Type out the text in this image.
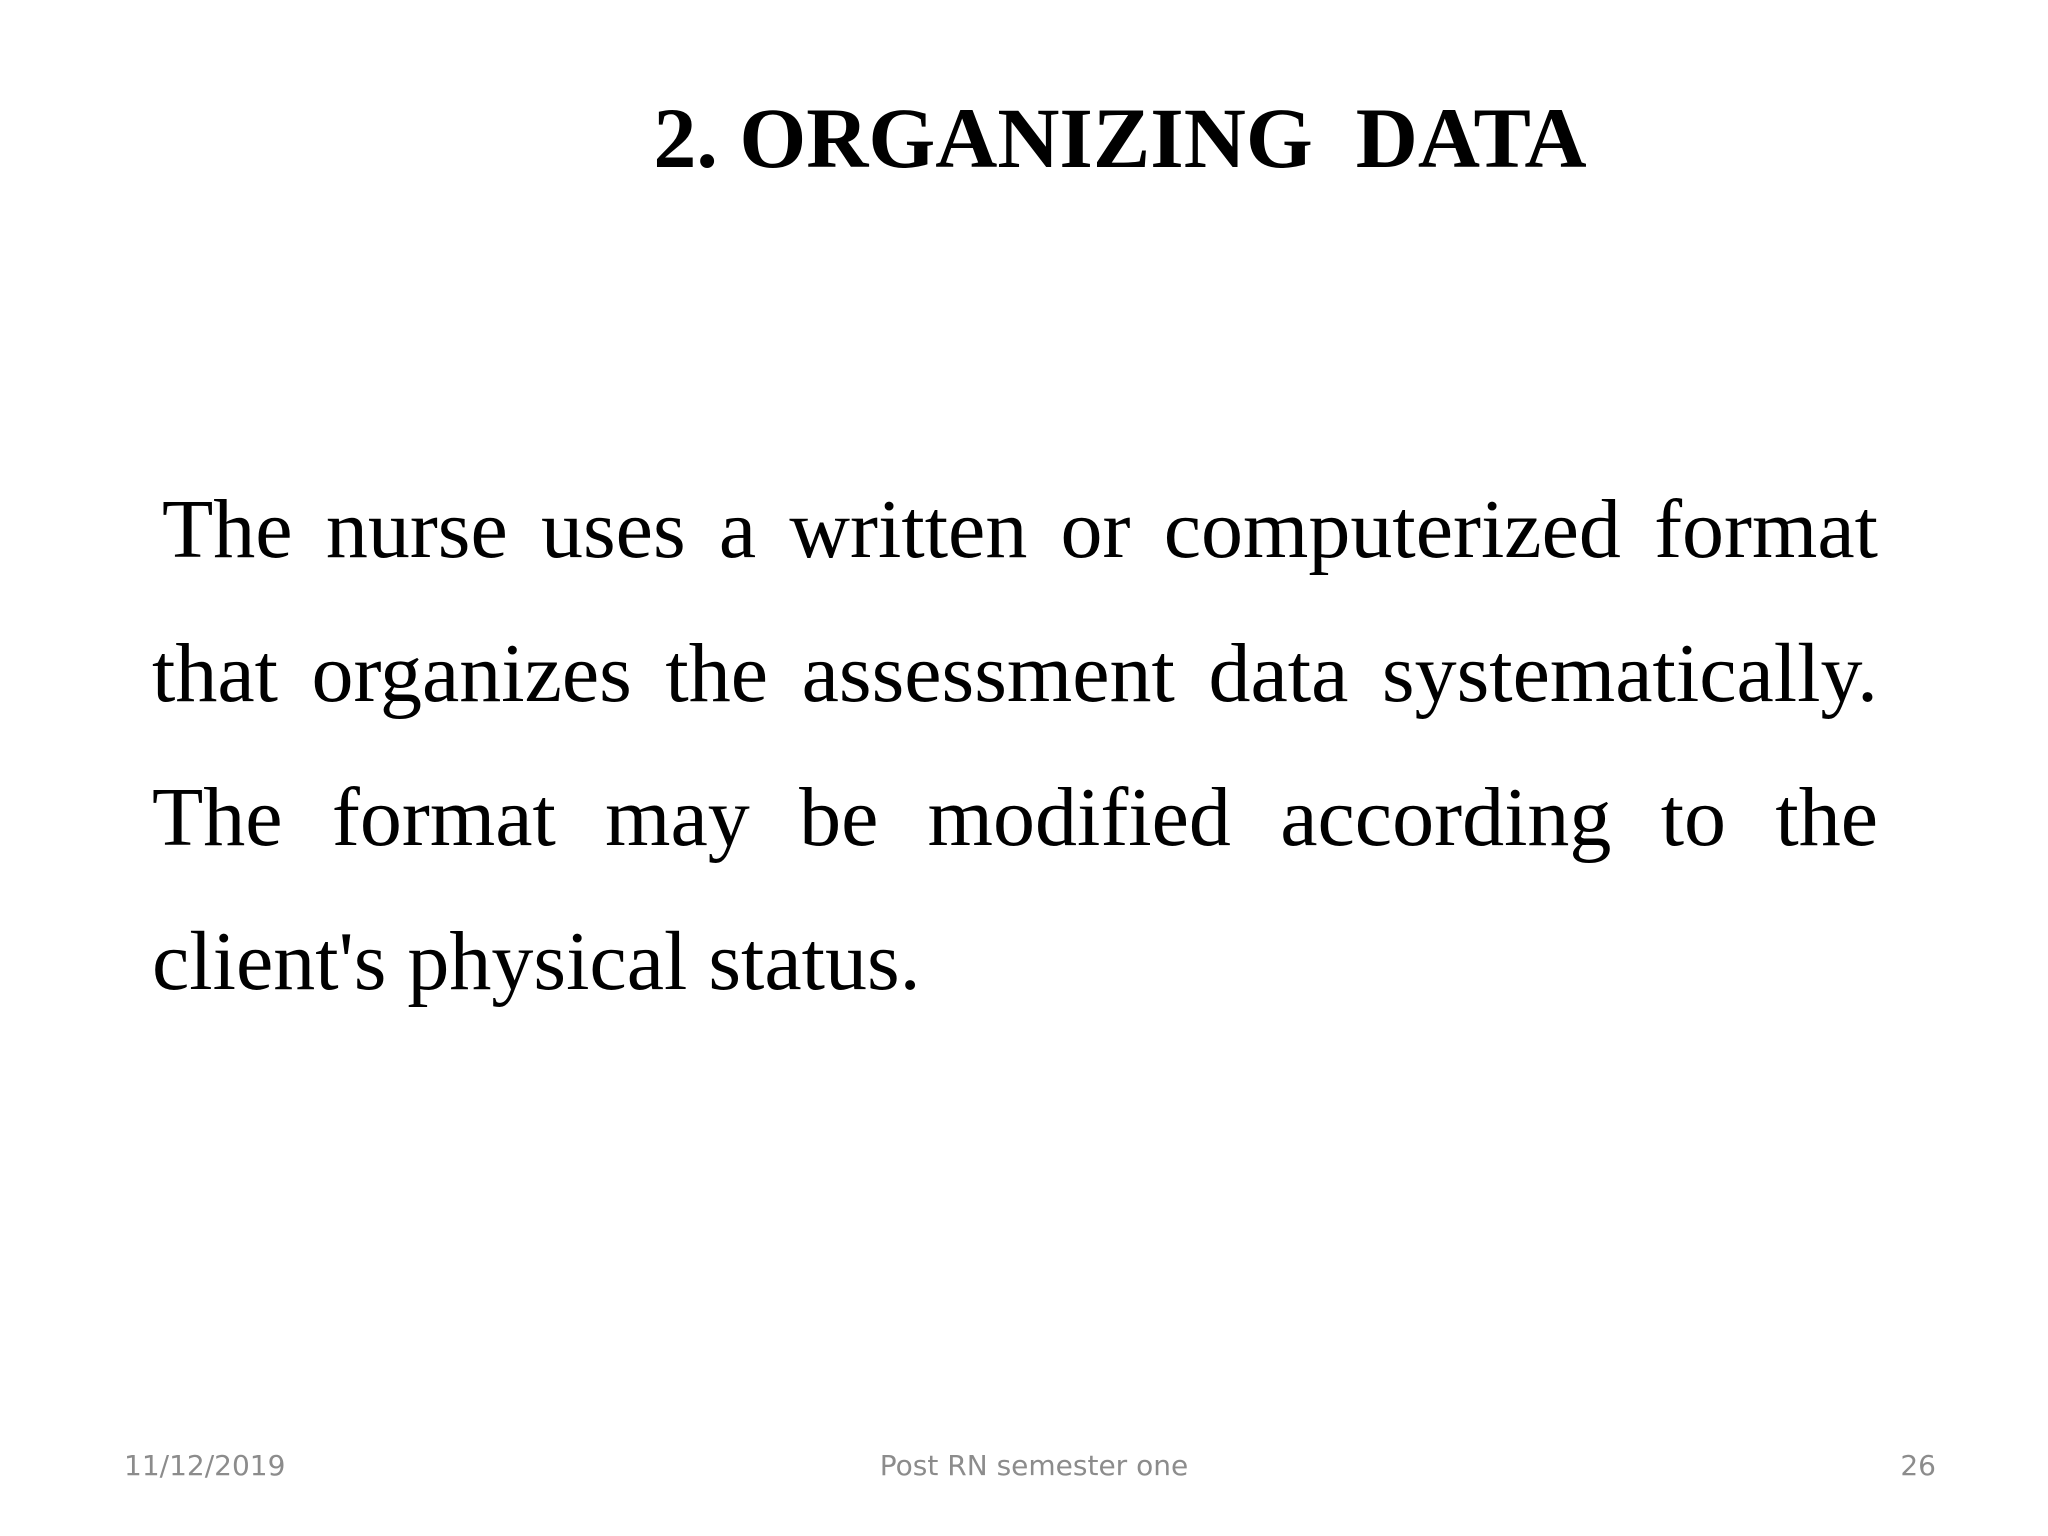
2. ORGANIZING  DATA

The nurse uses a written or computerized format that organizes the assessment data systematically. The format may be modified according to the client's physical status.

11/12/2019	Post RN semester one	26
